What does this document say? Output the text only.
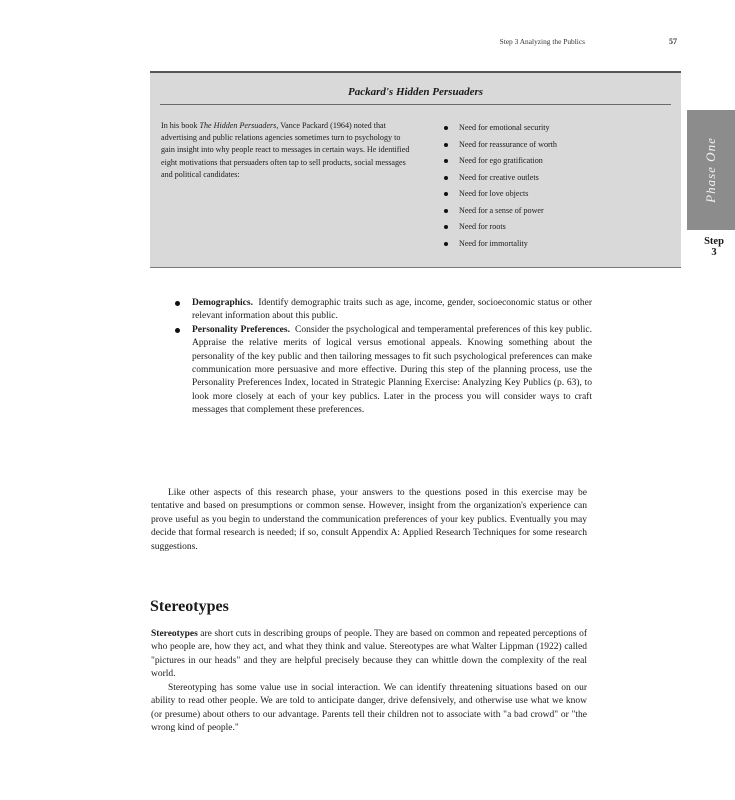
Step 3 Analyzing the Publics	57
Packard's Hidden Persuaders

In his book The Hidden Persuaders, Vance Packard (1964) noted that advertising and public relations agencies sometimes turn to psychology to gain insight into why people react to messages in certain ways. He identified eight motivations that persuaders often tap to sell products, social messages and political candidates:

Need for emotional security
Need for reassurance of worth
Need for ego gratification
Need for creative outlets
Need for love objects
Need for a sense of power
Need for roots
Need for immortality
Phase One
Step
3
Demographics. Identify demographic traits such as age, income, gender, socioeconomic status or other relevant information about this public.
Personality Preferences. Consider the psychological and temperamental preferences of this key public. Appraise the relative merits of logical versus emotional appeals. Knowing something about the personality of the key public and then tailoring messages to fit such psychological preferences can make communication more persuasive and more effective. During this step of the planning process, use the Personality Preferences Index, located in Strategic Planning Exercise: Analyzing Key Publics (p. 63), to look more closely at each of your key publics. Later in the process you will consider ways to craft messages that complement these preferences.

Like other aspects of this research phase, your answers to the questions posed in this exercise may be tentative and based on presumptions or common sense. However, insight from the organization's experience can prove useful as you begin to understand the communication preferences of your key publics. Eventually you may decide that formal research is needed; if so, consult Appendix A: Applied Research Techniques for some research suggestions.

Stereotypes

Stereotypes are short cuts in describing groups of people. They are based on common and repeated perceptions of who people are, how they act, and what they think and value. Stereotypes are what Walter Lippman (1922) called "pictures in our heads" and they are helpful precisely because they can whittle down the complexity of the real world.

Stereotyping has some value use in social interaction. We can identify threatening situations based on our ability to read other people. We are told to anticipate danger, drive defensively, and otherwise use what we know (or presume) about others to our advantage. Parents tell their children not to associate with "a bad crowd" or "the wrong kind of people."
